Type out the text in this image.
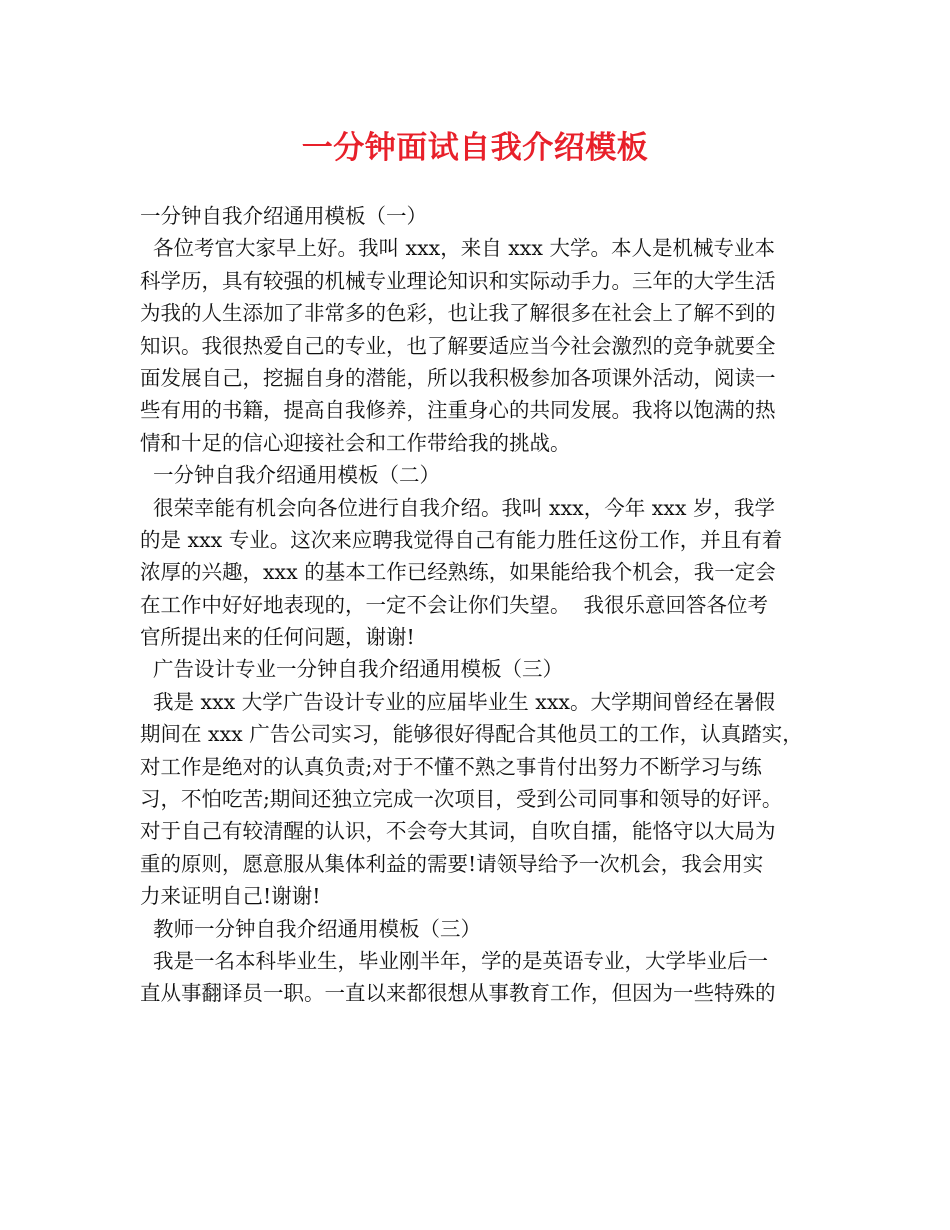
一分钟面试自我介绍模板
一分钟自我介绍通用模板（一）
各位考官大家早上好。我叫 xxx，来自 xxx 大学。本人是机械专业本
科学历，具有较强的机械专业理论知识和实际动手力。三年的大学生活
为我的人生添加了非常多的色彩，也让我了解很多在社会上了解不到的
知识。我很热爱自己的专业，也了解要适应当今社会激烈的竞争就要全
面发展自己，挖掘自身的潜能，所以我积极参加各项课外活动，阅读一
些有用的书籍，提高自我修养，注重身心的共同发展。我将以饱满的热
情和十足的信心迎接社会和工作带给我的挑战。
一分钟自我介绍通用模板（二）
很荣幸能有机会向各位进行自我介绍。我叫 xxx，今年 xxx 岁，我学
的是 xxx 专业。这次来应聘我觉得自己有能力胜任这份工作，并且有着
浓厚的兴趣，xxx 的基本工作已经熟练，如果能给我个机会，我一定会
在工作中好好地表现的，一定不会让你们失望。  我很乐意回答各位考
官所提出来的任何问题，谢谢!
广告设计专业一分钟自我介绍通用模板（三）
我是 xxx 大学广告设计专业的应届毕业生 xxx。大学期间曾经在暑假
期间在 xxx 广告公司实习，能够很好得配合其他员工的工作，认真踏实，
对工作是绝对的认真负责;对于不懂不熟之事肯付出努力不断学习与练
习，不怕吃苦;期间还独立完成一次项目，受到公司同事和领导的好评。
对于自己有较清醒的认识，不会夸大其词，自吹自擂，能恪守以大局为
重的原则，愿意服从集体利益的需要!请领导给予一次机会，我会用实
力来证明自己!谢谢!
教师一分钟自我介绍通用模板（三）
我是一名本科毕业生，毕业刚半年，学的是英语专业，大学毕业后一
直从事翻译员一职。一直以来都很想从事教育工作，但因为一些特殊的
